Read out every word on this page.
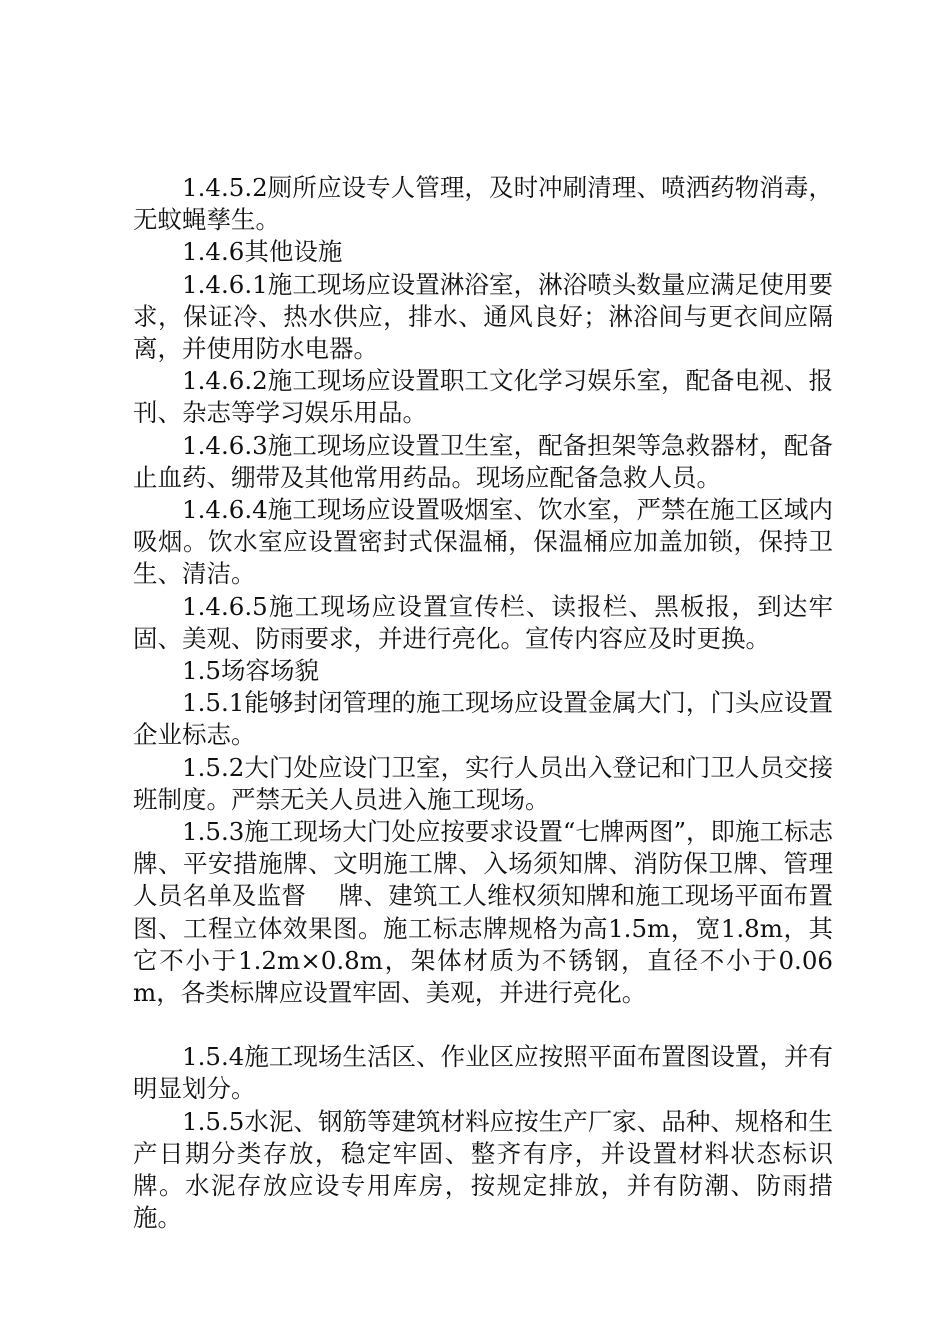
1.4.5.2厕所应设专人管理，及时冲刷清理、喷洒药物消毒，无蚊蝇孳生。

1.4.6其他设施

1.4.6.1施工现场应设置淋浴室，淋浴喷头数量应满足使用要求，保证冷、热水供应，排水、通风良好；淋浴间与更衣间应隔离，并使用防水电器。

1.4.6.2施工现场应设置职工文化学习娱乐室，配备电视、报刊、杂志等学习娱乐用品。

1.4.6.3施工现场应设置卫生室，配备担架等急救器材，配备止血药、绷带及其他常用药品。现场应配备急救人员。

1.4.6.4施工现场应设置吸烟室、饮水室，严禁在施工区域内吸烟。饮水室应设置密封式保温桶，保温桶应加盖加锁，保持卫生、清洁。

1.4.6.5施工现场应设置宣传栏、读报栏、黑板报，到达牢固、美观、防雨要求，并进行亮化。宣传内容应及时更换。

1.5场容场貌

1.5.1能够封闭管理的施工现场应设置金属大门，门头应设置企业标志。

1.5.2大门处应设门卫室，实行人员出入登记和门卫人员交接班制度。严禁无关人员进入施工现场。

1.5.3施工现场大门处应按要求设置“七牌两图”，即施工标志牌、平安措施牌、文明施工牌、入场须知牌、消防保卫牌、管理人员名单及监督　 牌、建筑工人维权须知牌和施工现场平面布置图、工程立体效果图。施工标志牌规格为高1.5m，宽1.8m，其它不小于1.2m×0.8m，架体材质为不锈钢，直径不小于0.06m，各类标牌应设置牢固、美观，并进行亮化。

1.5.4施工现场生活区、作业区应按照平面布置图设置，并有明显划分。

1.5.5水泥、钢筋等建筑材料应按生产厂家、品种、规格和生产日期分类存放，稳定牢固、整齐有序，并设置材料状态标识牌。水泥存放应设专用库房，按规定排放，并有防潮、防雨措施。
